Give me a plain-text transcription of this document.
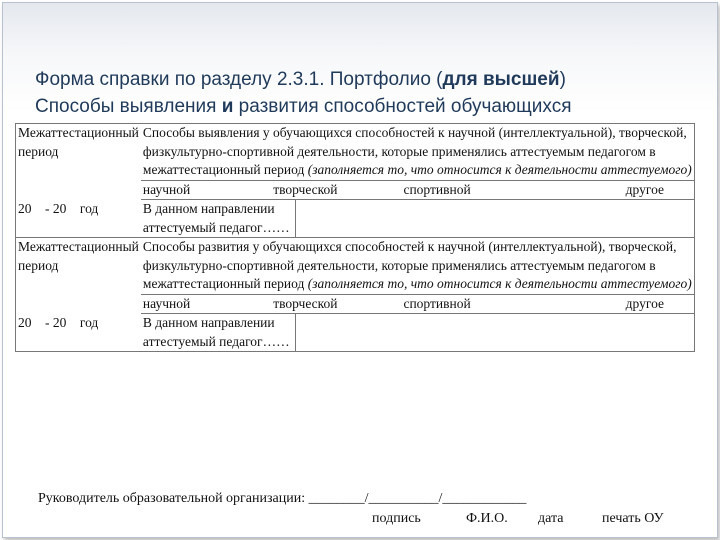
Форма справки по разделу 2.3.1. Портфолио (для высшей)
Способы выявления и развития способностей обучающихся
Межаттестационный период	Способы выявления у обучающихся способностей к научной (интеллектуальной), творческой, физкультурно-спортивной деятельности, которые применялись аттестуемым педагогом в межаттестационный период (заполняется то, что относится к деятельности аттестуемого)	

	научной творческой спортивной другое	

20    - 20    год	В данном направлении аттестуемый педагог……	
Межаттестационный период	Способы развития у обучающихся способностей к научной (интеллектуальной), творческой, физкультурно-спортивной деятельности, которые применялись аттестуемым педагогом в межаттестационный период (заполняется то, что относится к деятельности аттестуемого)	

	научной творческой спортивной другое	

20    - 20    год	В данном направлении аттестуемый педагог……	
Руководитель образовательной организации: ________/__________/____________
подпись	Ф.И.О. дата	печать ОУ
